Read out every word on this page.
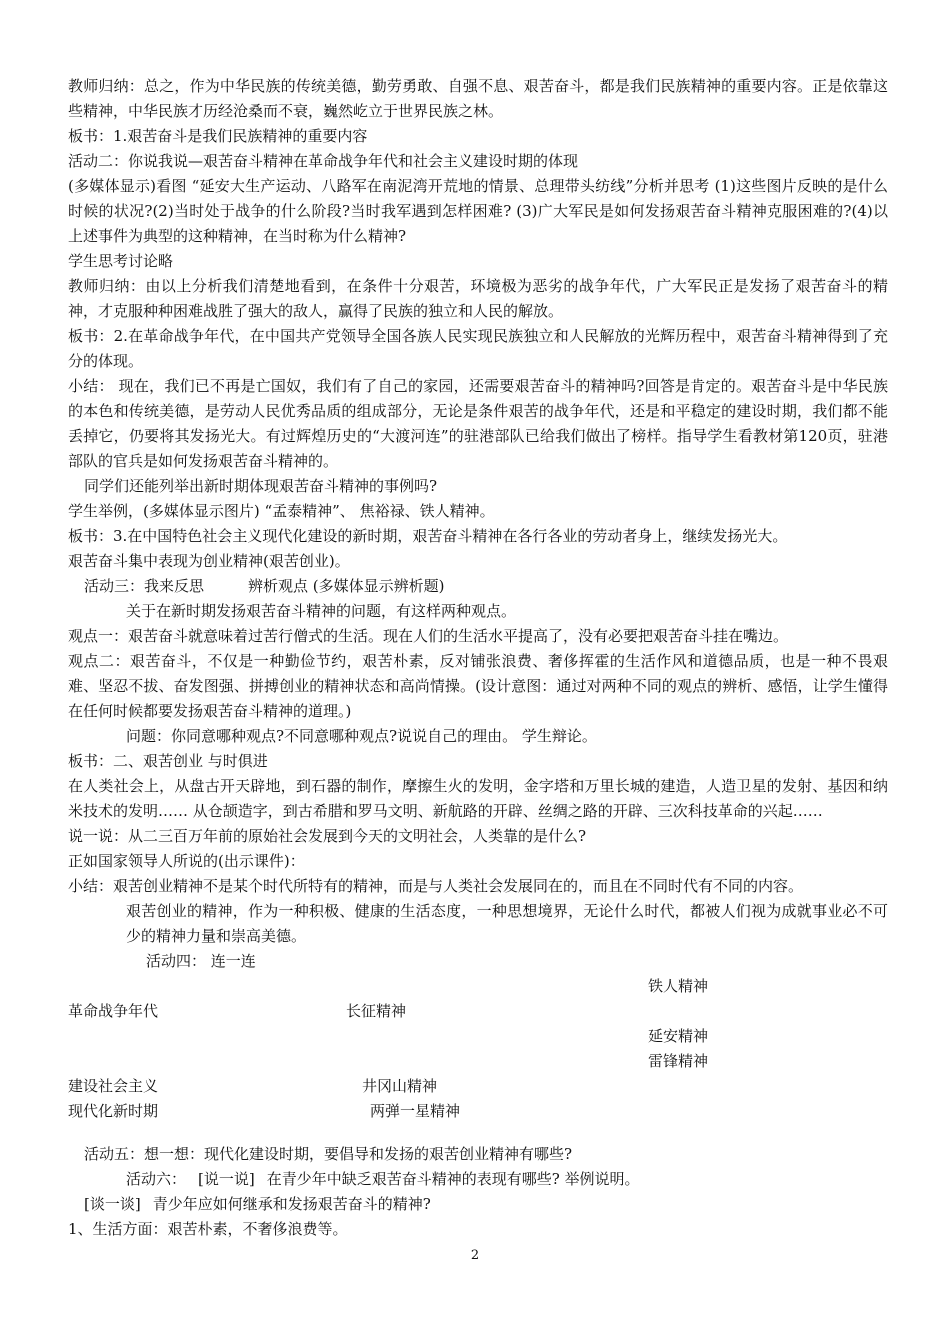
教师归纳：总之，作为中华民族的传统美德，勤劳勇敢、自强不息、艰苦奋斗，都是我们民族精神的重要内容。正是依靠这些精神，中华民族才历经沧桑而不衰，巍然屹立于世界民族之林。
板书：1.艰苦奋斗是我们民族精神的重要内容
活动二：你说我说—艰苦奋斗精神在革命战争年代和社会主义建设时期的体现
(多媒体显示)看图 “延安大生产运动、八路军在南泥湾开荒地的情景、总理带头纺线”分析并思考 (1)这些图片反映的是什么时候的状况?(2)当时处于战争的什么阶段?当时我军遇到怎样困难? (3)广大军民是如何发扬艰苦奋斗精神克服困难的?(4)以上述事件为典型的这种精神，在当时称为什么精神?
学生思考讨论略
教师归纳：由以上分析我们清楚地看到，在条件十分艰苦，环境极为恶劣的战争年代，广大军民正是发扬了艰苦奋斗的精神，才克服种种困难战胜了强大的敌人，赢得了民族的独立和人民的解放。
板书：2.在革命战争年代，在中国共产党领导全国各族人民实现民族独立和人民解放的光辉历程中，艰苦奋斗精神得到了充分的体现。
小结： 现在，我们已不再是亡国奴，我们有了自己的家园，还需要艰苦奋斗的精神吗?回答是肯定的。艰苦奋斗是中华民族的本色和传统美德，是劳动人民优秀品质的组成部分，无论是条件艰苦的战争年代，还是和平稳定的建设时期，我们都不能丢掉它，仍要将其发扬光大。有过辉煌历史的“大渡河连”的驻港部队已给我们做出了榜样。指导学生看教材第120页，驻港部队的官兵是如何发扬艰苦奋斗精神的。
同学们还能列举出新时期体现艰苦奋斗精神的事例吗?
学生举例，(多媒体显示图片) “孟泰精神”、 焦裕禄、铁人精神。
板书：3.在中国特色社会主义现代化建设的新时期，艰苦奋斗精神在各行各业的劳动者身上，继续发扬光大。
艰苦奋斗集中表现为创业精神(艰苦创业)。
活动三：我来反思	辨析观点 (多媒体显示辨析题)
关于在新时期发扬艰苦奋斗精神的问题，有这样两种观点。
观点一：艰苦奋斗就意味着过苦行僧式的生活。现在人们的生活水平提高了，没有必要把艰苦奋斗挂在嘴边。
观点二：艰苦奋斗，不仅是一种勤俭节约，艰苦朴素，反对铺张浪费、奢侈挥霍的生活作风和道德品质，也是一种不畏艰难、坚忍不拔、奋发图强、拼搏创业的精神状态和高尚情操。(设计意图：通过对两种不同的观点的辨析、感悟，让学生懂得在任何时候都要发扬艰苦奋斗精神的道理。)
问题：你同意哪种观点?不同意哪种观点?说说自己的理由。 学生辩论。
板书：二、艰苦创业 与时俱进
在人类社会上，从盘古开天辟地，到石器的制作，摩擦生火的发明，金字塔和万里长城的建造，人造卫星的发射、基因和纳米技术的发明…… 从仓颉造字，到古希腊和罗马文明、新航路的开辟、丝绸之路的开辟、三次科技革命的兴起……
说一说：从二三百万年前的原始社会发展到今天的文明社会，人类靠的是什么?
正如国家领导人所说的(出示课件)：
小结：艰苦创业精神不是某个时代所特有的精神，而是与人类社会发展同在的，而且在不同时代有不同的内容。
艰苦创业的精神，作为一种积极、健康的生活态度，一种思想境界，无论什么时代，都被人们视为成就事业必不可少的精神力量和崇高美德。
活动四： 连一连
铁人精神
革命战争年代	长征精神
延安精神
雷锋精神
建设社会主义	井冈山精神
现代化新时期	两弹一星精神
活动五：想一想：现代化建设时期，要倡导和发扬的艰苦创业精神有哪些?
活动六： [说一说] 在青少年中缺乏艰苦奋斗精神的表现有哪些? 举例说明。
[谈一谈] 青少年应如何继承和发扬艰苦奋斗的精神?
1、生活方面：艰苦朴素，不奢侈浪费等。
2
